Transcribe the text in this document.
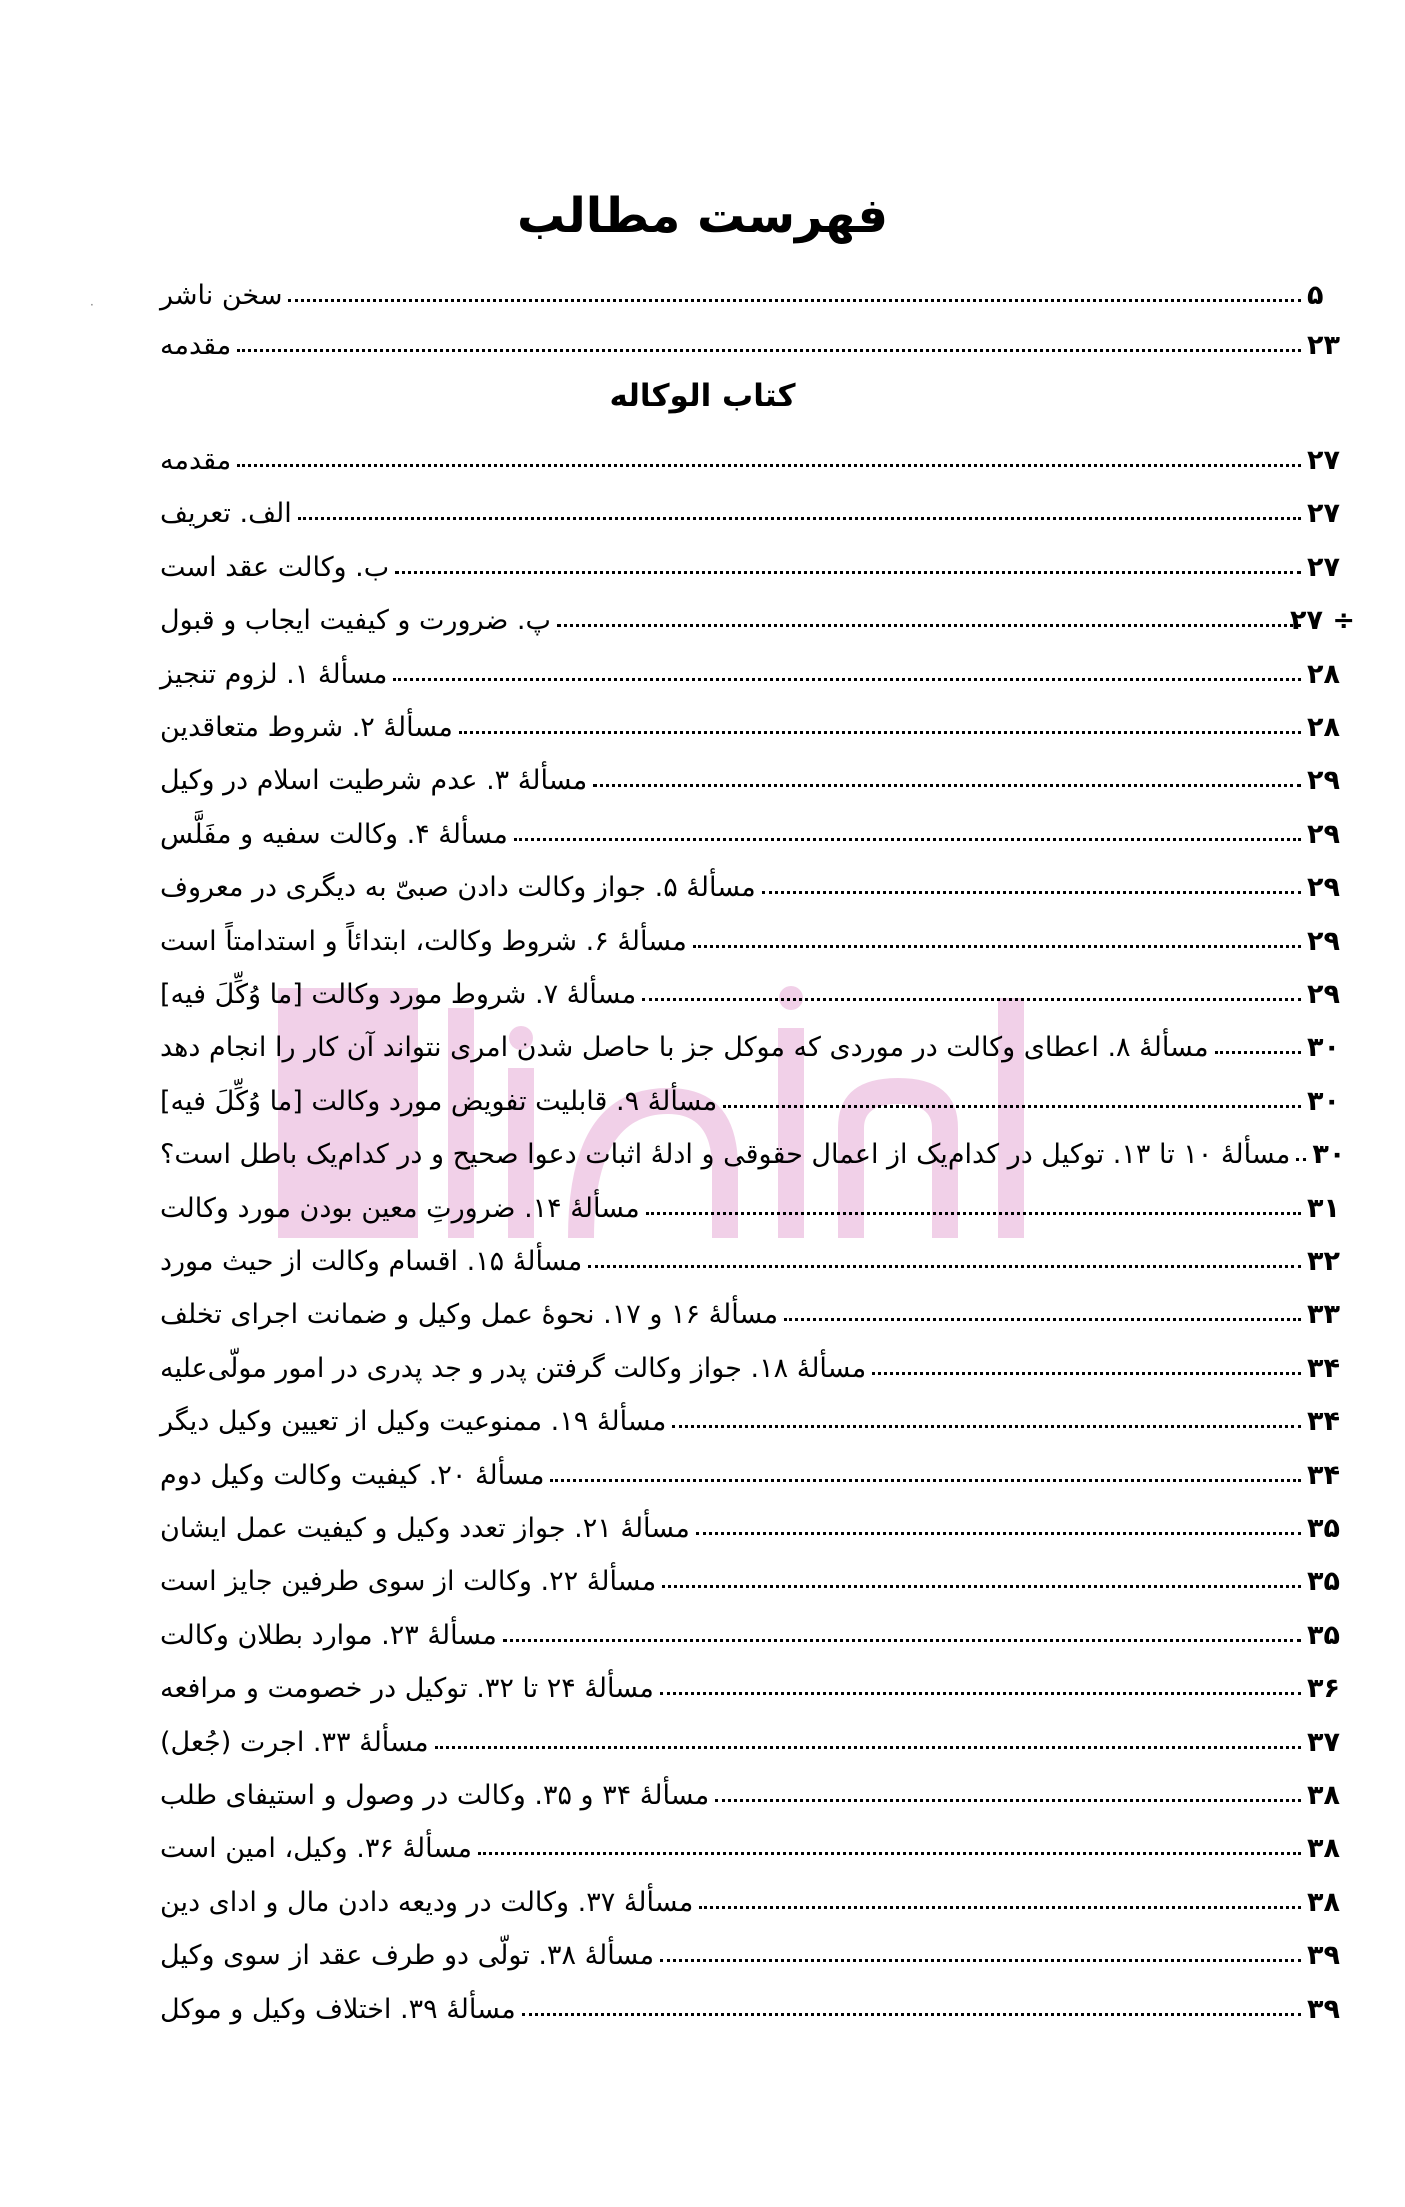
·
فهرست مطالب
سخن ناشر	۵
مقدمه	۲۳
كتاب الوكاله
مقدمه	۲۷
الف. تعريف	۲۷
ب. وكالت عقد است	۲۷
پ. ضرورت و كيفيت ايجاب و قبول	÷ ۲۷
مسألهٔ ۱. لزوم تنجيز	۲۸
مسألهٔ ۲. شروط متعاقدين	۲۸
مسألهٔ ۳. عدم شرطيت اسلام در وكيل	۲۹
مسألهٔ ۴. وكالت سفيه و مفَلَّس	۲۹
مسألهٔ ۵. جواز وكالت دادن صبیّ به ديگری در معروف	۲۹
مسألهٔ ۶. شروط وكالت، ابتدائاً و استدامتاً است	۲۹
مسألهٔ ۷. شروط مورد وكالت [ما وُكِّلَ فيه]	۲۹
مسألهٔ ۸. اعطای وكالت در موردی كه موكل جز با حاصل شدن امری نتواند آن كار را انجام دهد	۳۰
مسألهٔ ۹. قابليت تفويض مورد وكالت [ما وُكِّلَ فيه]	۳۰
مسألهٔ ۱۰ تا ۱۳. توكيل در كدام‌يک از اعمال حقوقی و ادلهٔ اثبات دعوا صحيح و در كدام‌يک باطل است؟ ۳۰
مسألهٔ ۱۴. ضرورتِ معين بودن مورد وكالت	۳۱
مسألهٔ ۱۵. اقسام وكالت از حيث مورد	۳۲
مسألهٔ ۱۶ و ۱۷. نحوهٔ عمل وكيل و ضمانت اجرای تخلف	۳۳
مسألهٔ ۱۸. جواز وكالت گرفتن پدر و جد پدری در امور مولّی‌عليه	۳۴
مسألهٔ ۱۹. ممنوعيت وكيل از تعيين وكيل ديگر	۳۴
مسألهٔ ۲۰. كيفيت وكالت وكيل دوم	۳۴
مسألهٔ ۲۱. جواز تعدد وكيل و كيفيت عمل ايشان	۳۵
مسألهٔ ۲۲. وكالت از سوی طرفين جايز است	۳۵
مسألهٔ ۲۳. موارد بطلان وكالت	۳۵
مسألهٔ ۲۴ تا ۳۲. توكيل در خصومت و مرافعه	۳۶
مسألهٔ ۳۳. اجرت (جُعل)	۳۷
مسألهٔ ۳۴ و ۳۵. وكالت در وصول و استيفای طلب	۳۸
مسألهٔ ۳۶. وكيل، امين است	۳۸
مسألهٔ ۳۷. وكالت در وديعه دادن مال و ادای دين	۳۸
مسألهٔ ۳۸. تولّی دو طرف عقد از سوی وكيل	۳۹
مسألهٔ ۳۹. اختلاف وكيل و موكل	۳۹
